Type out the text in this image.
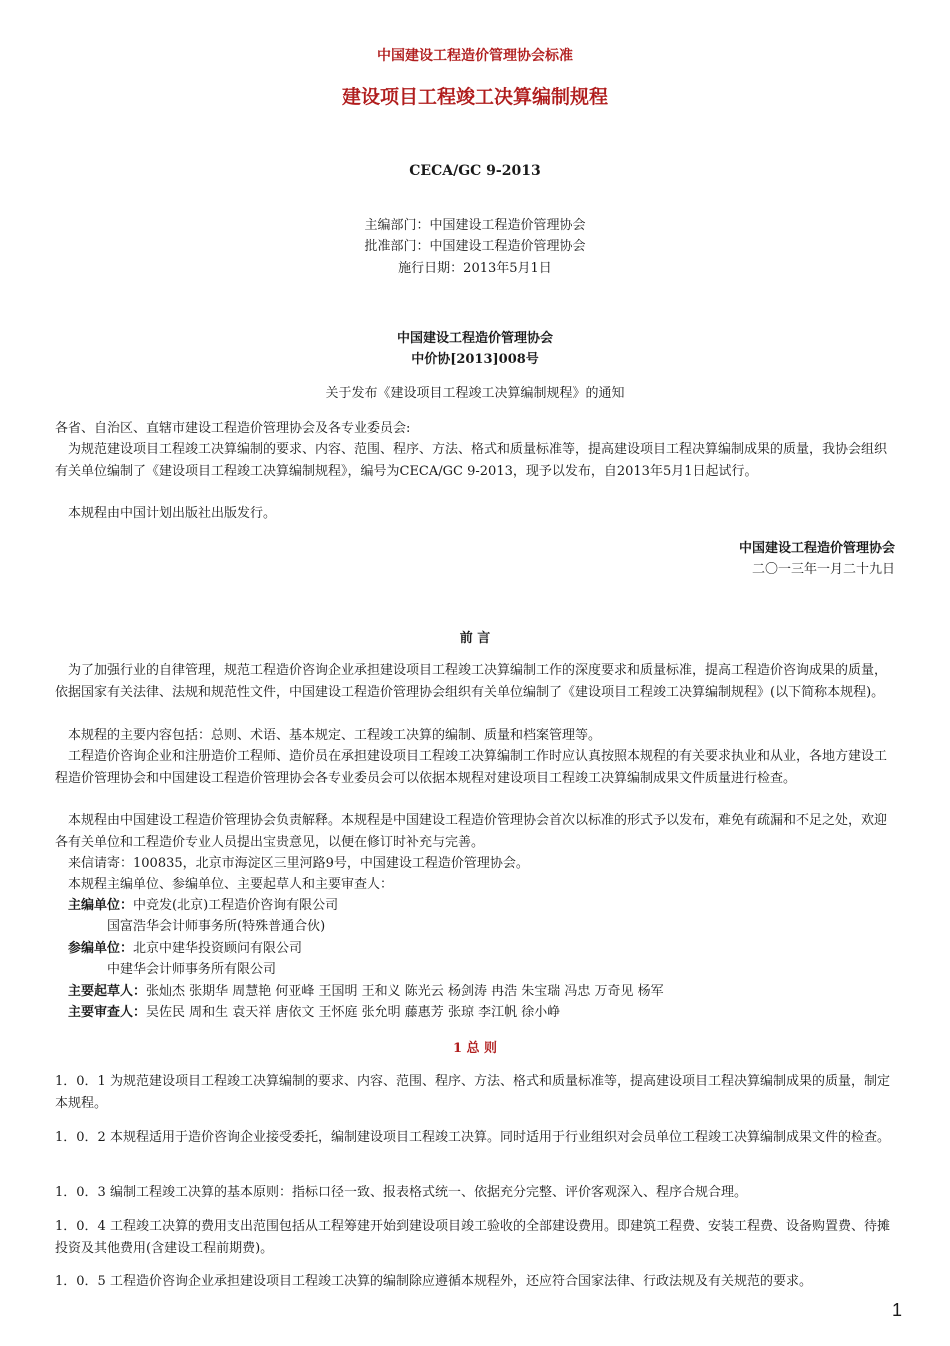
中国建设工程造价管理协会标准

建设项目工程竣工决算编制规程

CECA/GC 9-2013

主编部门：中国建设工程造价管理协会

批准部门：中国建设工程造价管理协会

施行日期：2013年5月1日

中国建设工程造价管理协会

中价协[2013]008号

关于发布《建设项目工程竣工决算编制规程》的通知

各省、自治区、直辖市建设工程造价管理协会及各专业委员会:

为规范建设项目工程竣工决算编制的要求、内容、范围、程序、方法、格式和质量标准等，提高建设项目工程决算编制成果的质量，我协会组织有关单位编制了《建设项目工程竣工决算编制规程》，编号为CECA/GC 9-2013，现予以发布，自2013年5月1日起试行。

本规程由中国计划出版社出版发行。

中国建设工程造价管理协会

二〇一三年一月二十九日

前 言

为了加强行业的自律管理，规范工程造价咨询企业承担建设项目工程竣工决算编制工作的深度要求和质量标准，提高工程造价咨询成果的质量，依据国家有关法律、法规和规范性文件，中国建设工程造价管理协会组织有关单位编制了《建设项目工程竣工决算编制规程》(以下简称本规程)。

本规程的主要内容包括：总则、术语、基本规定、工程竣工决算的编制、质量和档案管理等。

工程造价咨询企业和注册造价工程师、造价员在承担建设项目工程竣工决算编制工作时应认真按照本规程的有关要求执业和从业，各地方建设工程造价管理协会和中国建设工程造价管理协会各专业委员会可以依据本规程对建设项目工程竣工决算编制成果文件质量进行检查。

本规程由中国建设工程造价管理协会负责解释。本规程是中国建设工程造价管理协会首次以标准的形式予以发布，难免有疏漏和不足之处，欢迎各有关单位和工程造价专业人员提出宝贵意见，以便在修订时补充与完善。

来信请寄：100835，北京市海淀区三里河路9号，中国建设工程造价管理协会。

本规程主编单位、参编单位、主要起草人和主要审查人：

主编单位：中竞发(北京)工程造价咨询有限公司

国富浩华会计师事务所(特殊普通合伙)

参编单位：北京中建华投资顾问有限公司

中建华会计师事务所有限公司

主要起草人：张灿杰 张期华 周慧艳 何亚峰 王国明 王和义 陈光云 杨剑涛 冉浩 朱宝瑞 冯忠 万奇见 杨军

主要审查人：吴佐民 周和生 袁天祥 唐依文 王怀庭 张允明 藤惠芳 张琼 李江帆 徐小峥

1 总 则

1．0．1 为规范建设项目工程竣工决算编制的要求、内容、范围、程序、方法、格式和质量标准等，提高建设项目工程决算编制成果的质量，制定本规程。

1．0．2 本规程适用于造价咨询企业接受委托，编制建设项目工程竣工决算。同时适用于行业组织对会员单位工程竣工决算编制成果文件的检查。

1．0．3 编制工程竣工决算的基本原则：指标口径一致、报表格式统一、依据充分完整、评价客观深入、程序合规合理。

1．0．4 工程竣工决算的费用支出范围包括从工程筹建开始到建设项目竣工验收的全部建设费用。即建筑工程费、安装工程费、设备购置费、待摊投资及其他费用(含建设工程前期费)。

1．0．5 工程造价咨询企业承担建设项目工程竣工决算的编制除应遵循本规程外，还应符合国家法律、行政法规及有关规范的要求。

1
